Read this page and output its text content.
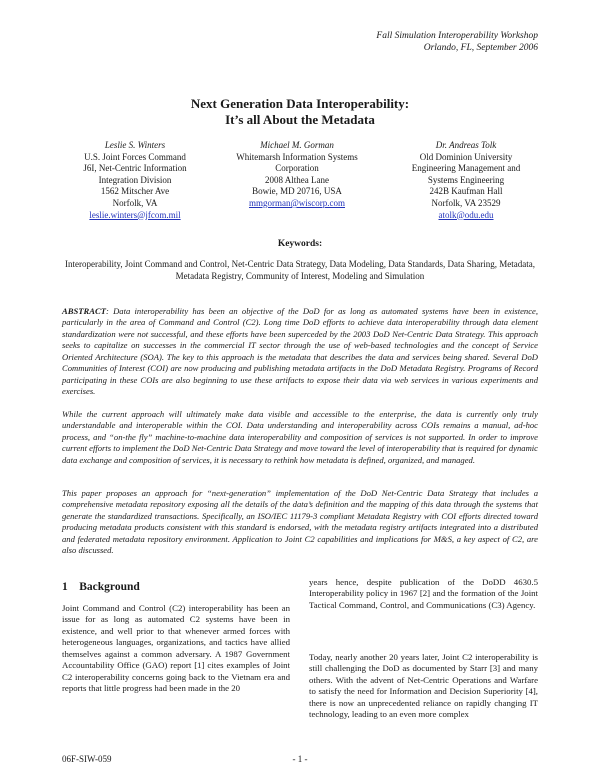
Fall Simulation Interoperability Workshop
Orlando, FL, September 2006
Next Generation Data Interoperability:
It’s all About the Metadata
Leslie S. Winters
U.S. Joint Forces Command
J6I, Net-Centric Information
Integration Division
1562 Mitscher Ave
Norfolk, VA
leslie.winters@jfcom.mil
Michael M. Gorman
Whitemarsh Information Systems
Corporation
2008 Althea Lane
Bowie, MD 20716, USA
mmgorman@wiscorp.com
Dr. Andreas Tolk
Old Dominion University
Engineering Management and
Systems Engineering
242B Kaufman Hall
Norfolk, VA 23529
atolk@odu.edu
Keywords:
Interoperability, Joint Command and Control, Net-Centric Data Strategy, Data Modeling, Data Standards, Data Sharing, Metadata, Metadata Registry, Community of Interest, Modeling and Simulation
ABSTRACT: Data interoperability has been an objective of the DoD for as long as automated systems have been in existence, particularly in the area of Command and Control (C2). Long time DoD efforts to achieve data interoperability through data element standardization were not successful, and these efforts have been superceded by the 2003 DoD Net-Centric Data Strategy. This approach seeks to capitalize on successes in the commercial IT sector through the use of web-based technologies and the concept of Service Oriented Architecture (SOA). The key to this approach is the metadata that describes the data and services being shared. Several DoD Communities of Interest (COI) are now producing and publishing metadata artifacts in the DoD Metadata Registry. Programs of Record participating in these COIs are also beginning to use these artifacts to expose their data via web services in various experiments and exercises.
While the current approach will ultimately make data visible and accessible to the enterprise, the data is currently only truly understandable and interoperable within the COI. Data understanding and interoperability across COIs remains a manual, ad-hoc process, and “on-the fly” machine-to-machine data interoperability and composition of services is not supported. In order to improve current efforts to implement the DoD Net-Centric Data Strategy and move toward the level of interoperability that is required for dynamic data exchange and composition of services, it is necessary to rethink how metadata is defined, organized, and managed.
This paper proposes an approach for “next-generation” implementation of the DoD Net-Centric Data Strategy that includes a comprehensive metadata repository exposing all the details of the data’s definition and the mapping of this data through the systems that generate the standardized transactions. Specifically, an ISO/IEC 11179-3 compliant Metadata Registry with COI efforts directed toward producing metadata products consistent with this standard is endorsed, with the metadata registry artifacts integrated into a distributed and federated metadata repository environment. Application to Joint C2 capabilities and implications for M&S, a key aspect of C2, are also discussed.
1 Background
Joint Command and Control (C2) interoperability has been an issue for as long as automated C2 systems have been in existence, and well prior to that whenever armed forces with heterogeneous languages, organizations, and tactics have allied themselves against a common adversary. A 1987 Government Accountability Office (GAO) report [1] cites examples of Joint C2 interoperability concerns going back to the Vietnam era and reports that little progress had been made in the 20
years hence, despite publication of the DoDD 4630.5 Interoperability policy in 1967 [2] and the formation of the Joint Tactical Command, Control, and Communications (C3) Agency.
Today, nearly another 20 years later, Joint C2 interoperability is still challenging the DoD as documented by Starr [3] and many others. With the advent of Net-Centric Operations and Warfare to satisfy the need for Information and Decision Superiority [4], there is now an unprecedented reliance on rapidly changing IT technology, leading to an even more complex
06F-SIW-059	- 1 -
